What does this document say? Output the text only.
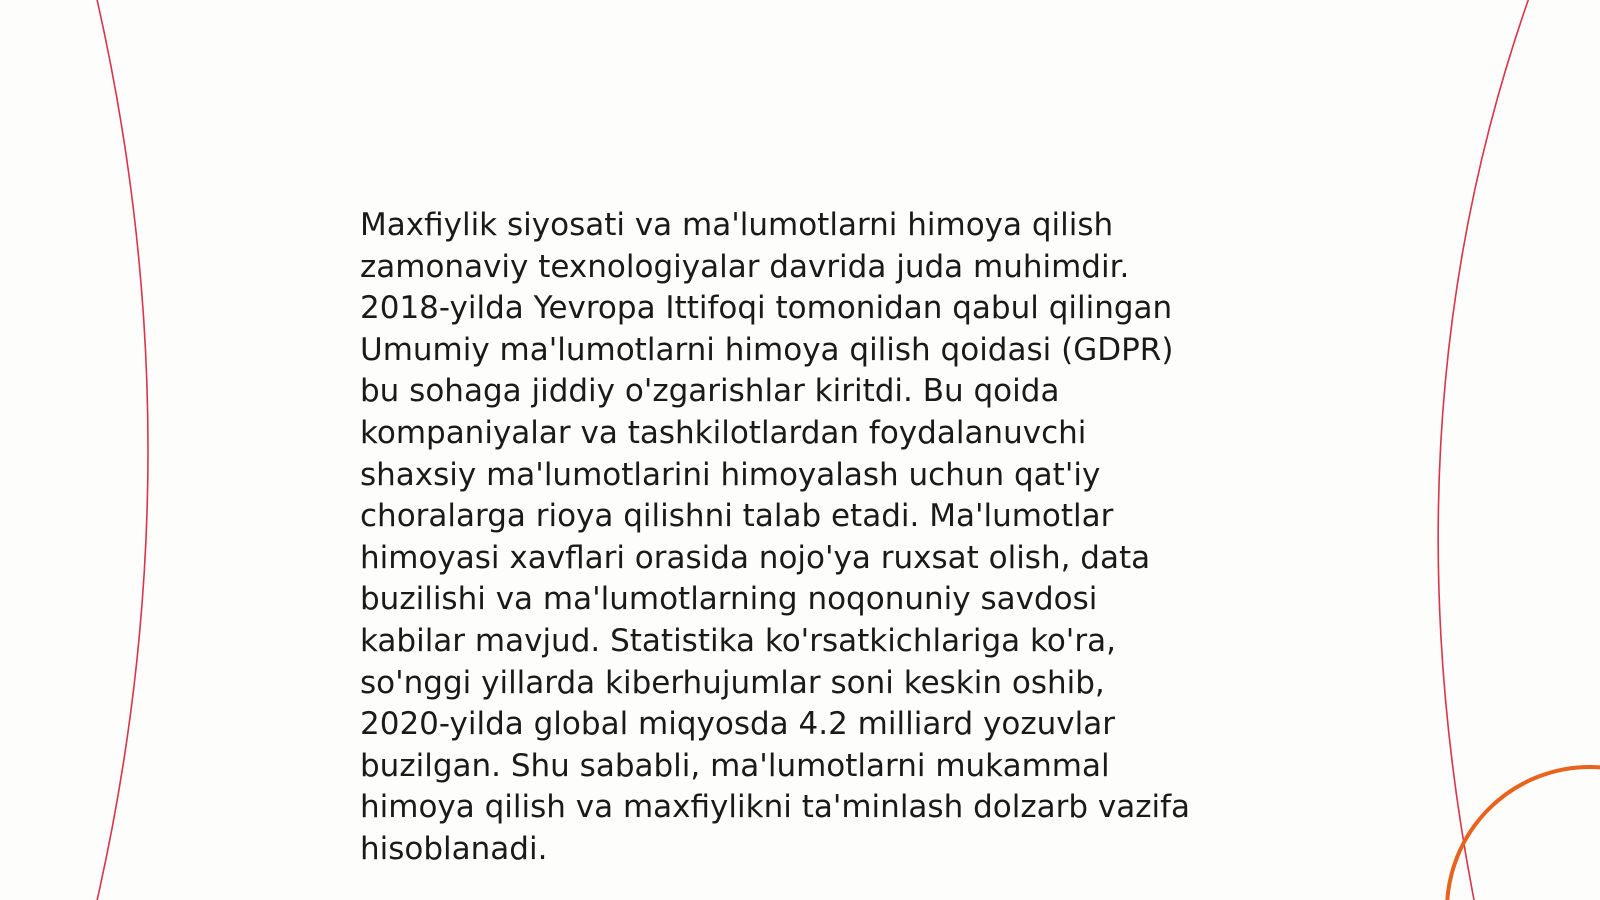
Maxfiylik siyosati va ma'lumotlarni himoya qilish
zamonaviy texnologiyalar davrida juda muhimdir.
2018-yilda Yevropa Ittifoqi tomonidan qabul qilingan
Umumiy ma'lumotlarni himoya qilish qoidasi (GDPR)
bu sohaga jiddiy o'zgarishlar kiritdi. Bu qoida
kompaniyalar va tashkilotlardan foydalanuvchi
shaxsiy ma'lumotlarini himoyalash uchun qat'iy
choralarga rioya qilishni talab etadi. Ma'lumotlar
himoyasi xavflari orasida nojo'ya ruxsat olish, data
buzilishi va ma'lumotlarning noqonuniy savdosi
kabilar mavjud. Statistika ko'rsatkichlariga ko'ra,
so'nggi yillarda kiberhujumlar soni keskin oshib,
2020-yilda global miqyosda 4.2 milliard yozuvlar
buzilgan. Shu sababli, ma'lumotlarni mukammal
himoya qilish va maxfiylikni ta'minlash dolzarb vazifa
hisoblanadi.
